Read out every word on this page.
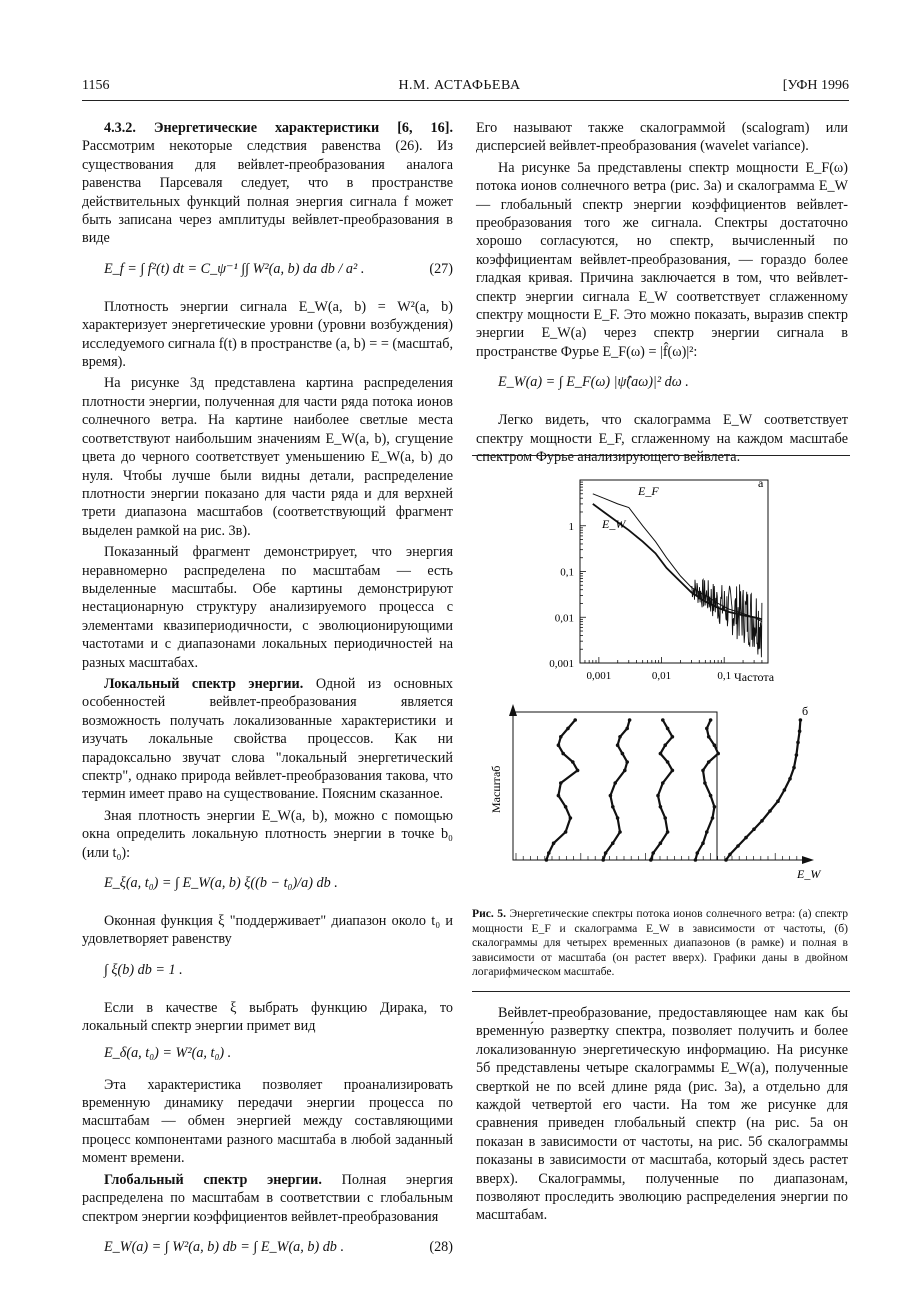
1156	Н.М. АСТАФЬЕВА	[УФН 1996

4.3.2. Энергетические характеристики [6, 16]. Рассмотрим некоторые следствия равенства (26). Из существования для вейвлет-преобразования аналога равенства Парсеваля следует, что в пространстве действительных функций полная энергия сигнала f может быть записана через амплитуды вейвлет-преобразования в виде

E_f = ∫ f²(t) dt = C_ψ⁻¹ ∫∫ W²(a, b) da db / a² .	(27)

Плотность энергии сигнала E_W(a, b) = W²(a, b) характеризует энергетические уровни (уровни возбуждения) исследуемого сигнала f(t) в пространстве (a, b) = = (масштаб, время).

На рисунке 3д представлена картина распределения плотности энергии, полученная для части ряда потока ионов солнечного ветра. На картине наиболее светлые места соответствуют наибольшим значениям E_W(a, b), сгущение цвета до черного соответствует уменьшению E_W(a, b) до нуля. Чтобы лучше были видны детали, распределение плотности энергии показано для части ряда и для верхней трети диапазона масштабов (соответствующий фрагмент выделен рамкой на рис. 3в).

Показанный фрагмент демонстрирует, что энергия неравномерно распределена по масштабам — есть выделенные масштабы. Обе картины демонстрируют нестационарную структуру анализируемого процесса с элементами квазипериодичности, с эволюционирующими частотами и с диапазонами локальных периодичностей на разных масштабах.

Локальный спектр энергии. Одной из основных особенностей вейвлет-преобразования является возможность получать локализованные характеристики и изучать локальные свойства процессов. Как ни парадоксально звучат слова "локальный энергетический спектр", однако природа вейвлет-преобразования такова, что термин имеет право на существование. Поясним сказанное.

Зная плотность энергии E_W(a, b), можно с помощью окна определить локальную плотность энергии в точке b₀ (или t₀):

E_ξ(a, t₀) = ∫ E_W(a, b) ξ((b − t₀)/a) db .

Оконная функция ξ "поддерживает" диапазон около t₀ и удовлетворяет равенству

∫ ξ(b) db = 1 .

Если в качестве ξ выбрать функцию Дирака, то локальный спектр энергии примет вид

E_δ(a, t₀) = W²(a, t₀) .

Эта характеристика позволяет проанализировать временную динамику передачи энергии процесса по масштабам — обмен энергией между составляющими процесс компонентами разного масштаба в любой заданный момент времени.

Глобальный спектр энергии. Полная энергия распределена по масштабам в соответствии с глобальным спектром энергии коэффициентов вейвлет-преобразования

E_W(a) = ∫ W²(a, b) db = ∫ E_W(a, b) db .	(28)

Его называют также скалограммой (scalogram) или дисперсией вейвлет-преобразования (wavelet variance).

На рисунке 5а представлены спектр мощности E_F(ω) потока ионов солнечного ветра (рис. 3а) и скалограмма E_W — глобальный спектр энергии коэффициентов вейвлет-преобразования того же сигнала. Спектры достаточно хорошо согласуются, но спектр, вычисленный по коэффициентам вейвлет-преобразования, — гораздо более гладкая кривая. Причина заключается в том, что вейвлет-спектр энергии сигнала E_W соответствует сглаженному спектру мощности E_F. Это можно показать, выразив спектр энергии E_W(a) через спектр энергии сигнала в пространстве Фурье E_F(ω) = |f̂(ω)|²:

E_W(a) = ∫ E_F(ω) |ψ̂(aω)|² dω .

Легко видеть, что скалограмма E_W соответствует спектру мощности E_F, сглаженному на каждом масштабе спектром Фурье анализирующего вейвлета.

0,001
0,01
0,1
1
0,001	0,01	0,1
E_F
E_W
а
Частота
Масштаб
б
E_W
Рис. 5. Энергетические спектры потока ионов солнечного ветра: (а) спектр мощности E_F и скалограмма E_W в зависимости от частоты, (б) скалограммы для четырех временных диапазонов (в рамке) и полная в зависимости от масштаба (он растет вверх). Графики даны в двойном логарифмическом масштабе.

Вейвлет-преобразование, предоставляющее нам как бы временну́ю развертку спектра, позволяет получить и более локализованную энергетическую информацию. На рисунке 5б представлены четыре скалограммы E_W(a), полученные сверткой не по всей длине ряда (рис. 3а), а отдельно для каждой четвертой его части. На том же рисунке для сравнения приведен глобальный спектр (на рис. 5а он показан в зависимости от частоты, на рис. 5б скалограммы показаны в зависимости от масштаба, который здесь растет вверх). Скалограммы, полученные по диапазонам, позволяют проследить эволюцию распределения энергии по масштабам.
